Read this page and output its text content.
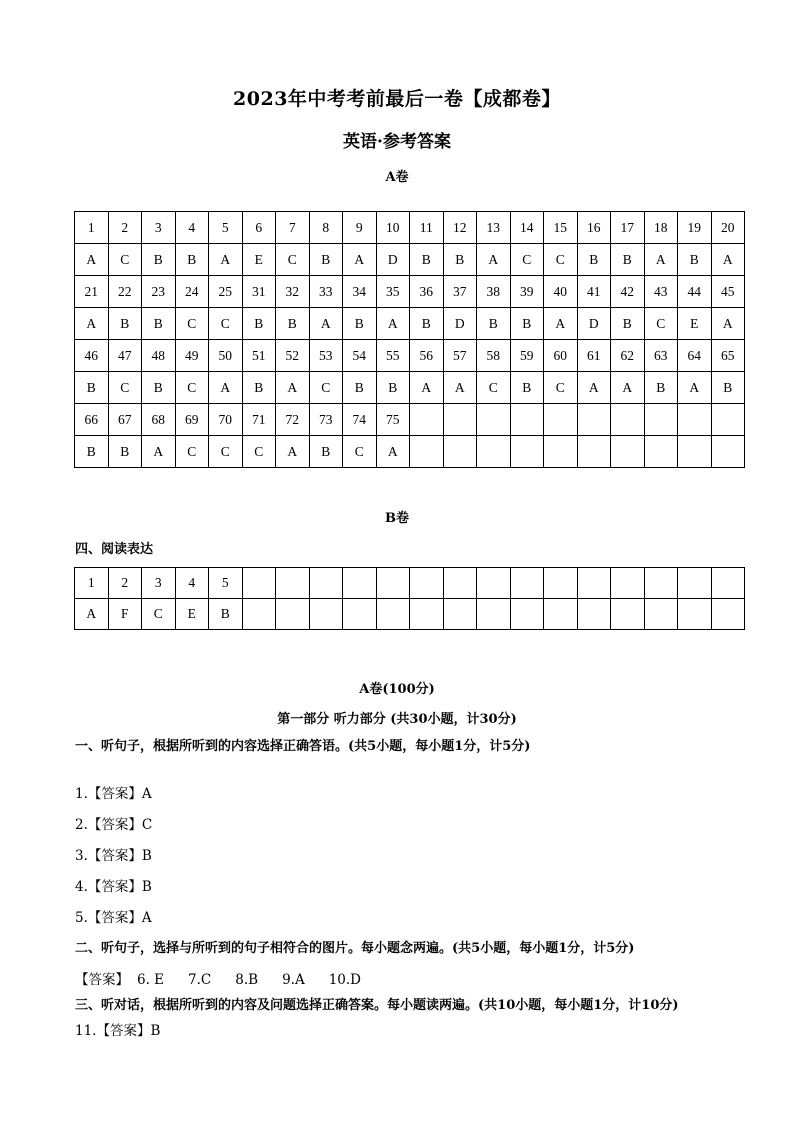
2023年中考考前最后一卷【成都卷】
英语·参考答案
A卷
1	2	3	4	5	6	7	8	9	10	11	12	13	14	15	16	17	18	19	20
A	C	B	B	A	E	C	B	A	D	B	B	A	C	C	B	B	A	B	A
21	22	23	24	25	31	32	33	34	35	36	37	38	39	40	41	42	43	44	45
A	B	B	C	C	B	B	A	B	A	B	D	B	B	A	D	B	C	E	A
46	47	48	49	50	51	52	53	54	55	56	57	58	59	60	61	62	63	64	65
B	C	B	C	A	B	A	C	B	B	A	A	C	B	C	A	A	B	A	B
66	67	68	69	70	71	72	73	74	75										
B	B	A	C	C	C	A	B	C	A										
B卷
四、阅读表达
1	2	3	4	5															
A	F	C	E	B															
A卷(100分)
第一部分 听力部分 (共30小题，计30分)
一、听句子，根据所听到的内容选择正确答语。(共5小题，每小题1分，计5分)
1.【答案】A
2.【答案】C
3.【答案】B
4.【答案】B
5.【答案】A
二、听句子，选择与所听到的句子相符合的图片。每小题念两遍。(共5小题，每小题1分，计5分)
【答案】 6. E 7.C 8.B 9.A 10.D
三、听对话，根据所听到的内容及问题选择正确答案。每小题读两遍。(共10小题，每小题1分，计10分)
11.【答案】B
